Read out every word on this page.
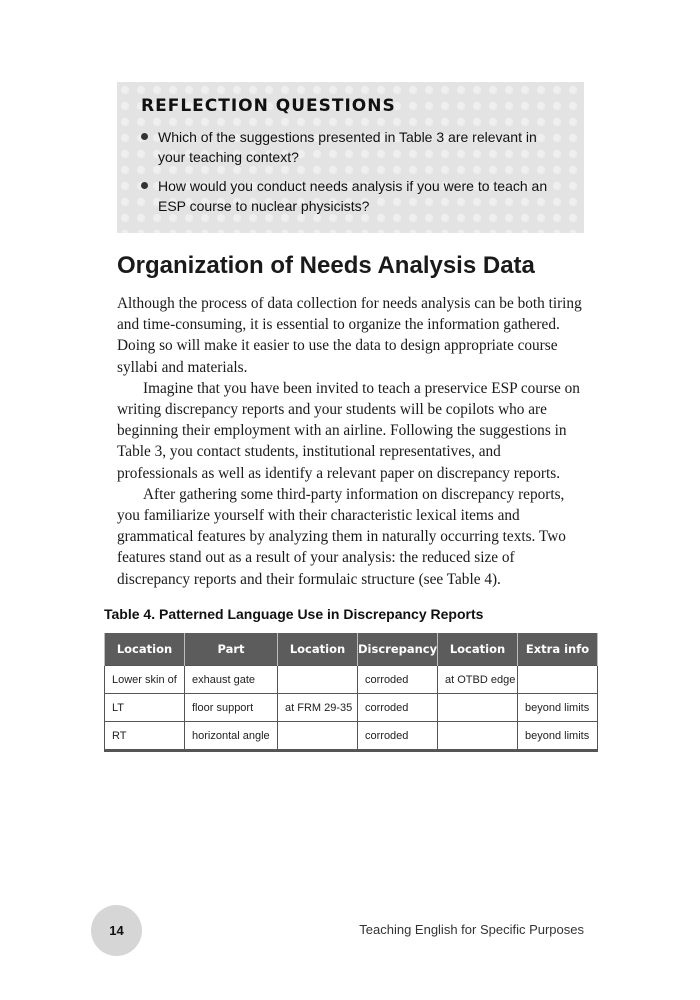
REFLECTION QUESTIONS
Which of the suggestions presented in Table 3 are relevant in your teaching context?
How would you conduct needs analysis if you were to teach an ESP course to nuclear physicists?
Organization of Needs Analysis Data

Although the process of data collection for needs analysis can be both tiring and time-consuming, it is essential to organize the information gathered. Doing so will make it easier to use the data to design appropriate course syllabi and materials.

Imagine that you have been invited to teach a preservice ESP course on writing discrepancy reports and your students will be copilots who are beginning their employment with an airline. Following the suggestions in Table 3, you contact students, institutional representatives, and professionals as well as identify a relevant paper on discrepancy reports.

After gathering some third-party information on discrepancy reports, you familiarize yourself with their characteristic lexical items and grammatical features by analyzing them in naturally occurring texts. Two features stand out as a result of your analysis: the reduced size of discrepancy reports and their formulaic structure (see Table 4).

Table 4. Patterned Language Use in Discrepancy Reports

Location	Part	Location	Discrepancy	Location	Extra info
Lower skin of	exhaust gate		corroded	at OTBD edge	
LT	floor support	at FRM 29-35	corroded		beyond limits
RT	horizontal angle		corroded		beyond limits
14	Teaching English for Specific Purposes
